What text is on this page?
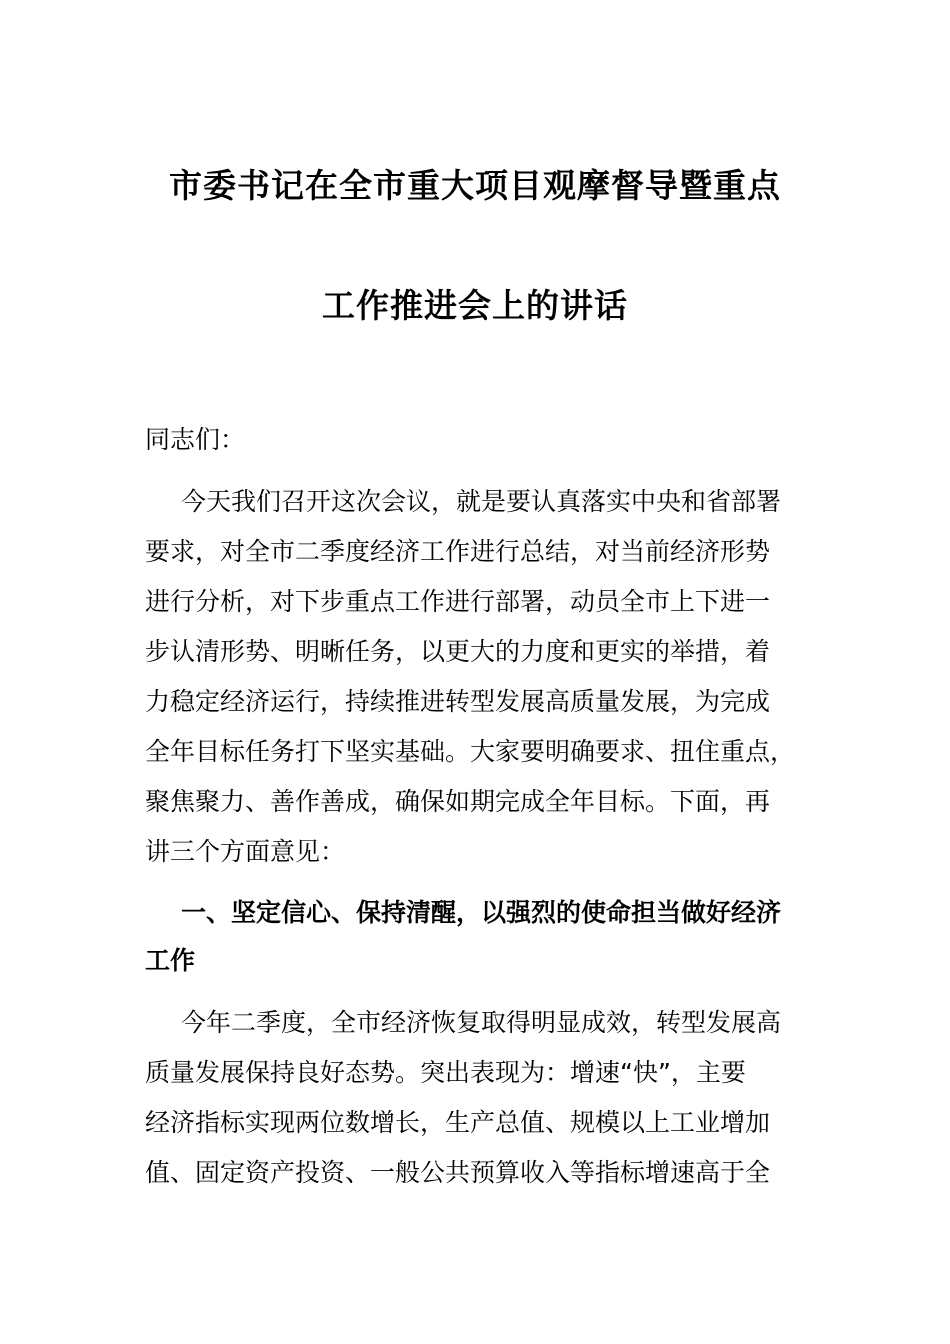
市委书记在全市重大项目观摩督导暨重点
工作推进会上的讲话
同志们：
今天我们召开这次会议，就是要认真落实中央和省部署
要求，对全市二季度经济工作进行总结，对当前经济形势
进行分析，对下步重点工作进行部署，动员全市上下进一
步认清形势、明晰任务，以更大的力度和更实的举措，着
力稳定经济运行，持续推进转型发展高质量发展，为完成
全年目标任务打下坚实基础。大家要明确要求、扭住重点，
聚焦聚力、善作善成，确保如期完成全年目标。下面，再
讲三个方面意见：
一、坚定信心、保持清醒，以强烈的使命担当做好经济
工作
今年二季度，全市经济恢复取得明显成效，转型发展高
质量发展保持良好态势。突出表现为：增速“快”，主要
经济指标实现两位数增长，生产总值、规模以上工业增加
值、固定资产投资、一般公共预算收入等指标增速高于全
